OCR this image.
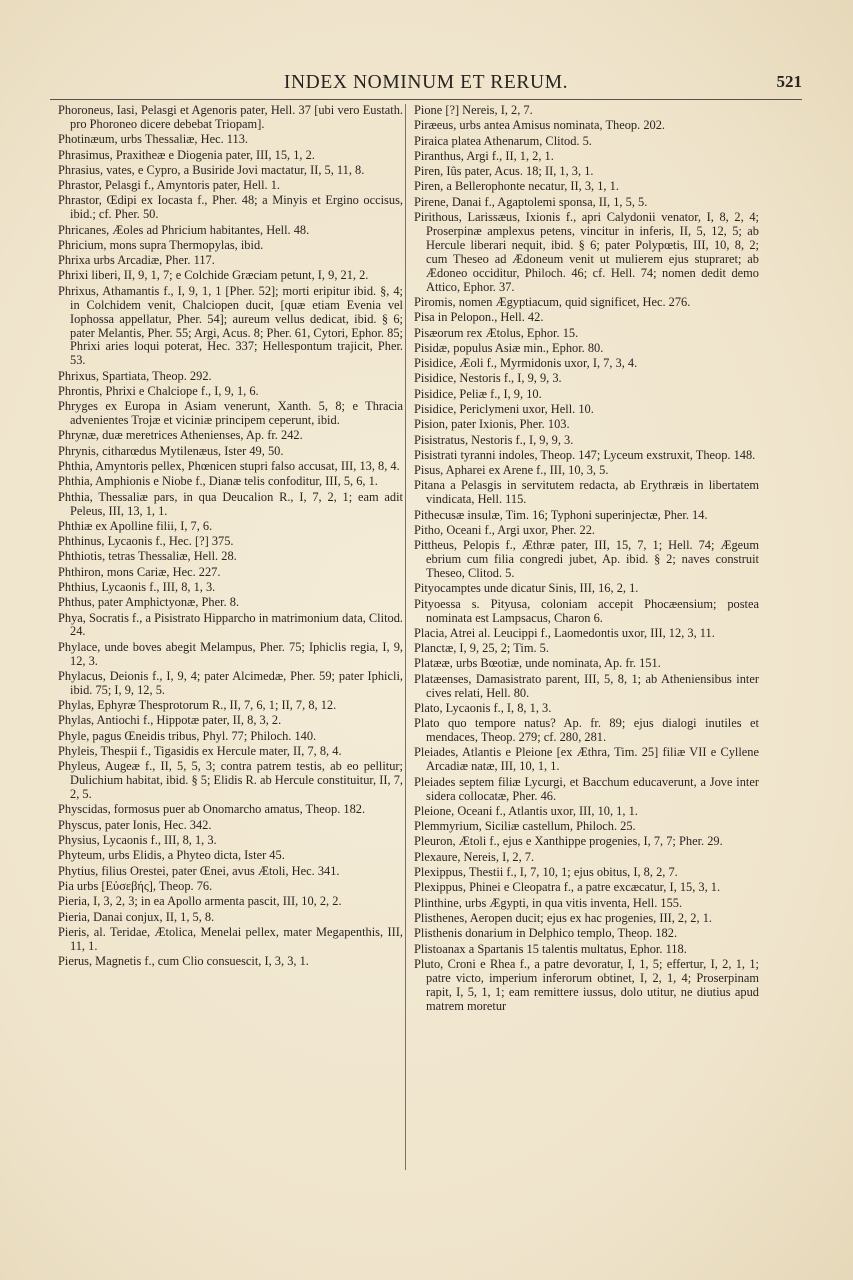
INDEX NOMINUM ET RERUM.	521

Phoroneus, Iasi, Pelasgi et Agenoris pater, Hell. 37 [ubi vero Eustath. pro Phoroneo dicere debebat Triopam].

Photinæum, urbs Thessaliæ, Hec. 113.

Phrasimus, Praxitheæ e Diogenia pater, III, 15, 1, 2.

Phrasius, vates, e Cypro, a Busiride Jovi mactatur, II, 5, 11, 8.

Phrastor, Pelasgi f., Amyntoris pater, Hell. 1.

Phrastor, Œdipi ex Iocasta f., Pher. 48; a Minyis et Ergino occisus, ibid.; cf. Pher. 50.

Phricanes, Æoles ad Phricium habitantes, Hell. 48.

Phricium, mons supra Thermopylas, ibid.

Phrixa urbs Arcadiæ, Pher. 117.

Phrixi liberi, II, 9, 1, 7; e Colchide Græciam petunt, I, 9, 21, 2.

Phrixus, Athamantis f., I, 9, 1, 1 [Pher. 52]; morti eripitur ibid. §, 4; in Colchidem venit, Chalciopen ducit, [quæ etiam Evenia vel Iophossa appellatur, Pher. 54]; aureum vellus dedicat, ibid. § 6; pater Melantis, Pher. 55; Argi, Acus. 8; Pher. 61, Cytori, Ephor. 85; Phrixi aries loqui poterat, Hec. 337; Hellespontum trajicit, Pher. 53.

Phrixus, Spartiata, Theop. 292.

Phrontis, Phrixi e Chalciope f., I, 9, 1, 6.

Phryges ex Europa in Asiam venerunt, Xanth. 5, 8; e Thracia advenientes Trojæ et viciniæ principem ceperunt, ibid.

Phrynæ, duæ meretrices Athenienses, Ap. fr. 242.

Phrynis, citharœdus Mytilenæus, Ister 49, 50.

Phthia, Amyntoris pellex, Phœnicen stupri falso accusat, III, 13, 8, 4.

Phthia, Amphionis e Niobe f., Dianæ telis confoditur, III, 5, 6, 1.

Phthia, Thessaliæ pars, in qua Deucalion R., I, 7, 2, 1; eam adit Peleus, III, 13, 1, 1.

Phthiæ ex Apolline filii, I, 7, 6.

Phthinus, Lycaonis f., Hec. [?] 375.

Phthiotis, tetras Thessaliæ, Hell. 28.

Phthiron, mons Cariæ, Hec. 227.

Phthius, Lycaonis f., III, 8, 1, 3.

Phthus, pater Amphictyonæ, Pher. 8.

Phya, Socratis f., a Pisistrato Hipparcho in matrimonium data, Clitod. 24.

Phylace, unde boves abegit Melampus, Pher. 75; Iphiclis regia, I, 9, 12, 3.

Phylacus, Deionis f., I, 9, 4; pater Alcimedæ, Pher. 59; pater Iphicli, ibid. 75; I, 9, 12, 5.

Phylas, Ephyræ Thesprotorum R., II, 7, 6, 1; II, 7, 8, 12.

Phylas, Antiochi f., Hippotæ pater, II, 8, 3, 2.

Phyle, pagus Œneidis tribus, Phyl. 77; Philoch. 140.

Phyleis, Thespii f., Tigasidis ex Hercule mater, II, 7, 8, 4.

Phyleus, Augeæ f., II, 5, 5, 3; contra patrem testis, ab eo pellitur; Dulichium habitat, ibid. § 5; Elidis R. ab Hercule constituitur, II, 7, 2, 5.

Physcidas, formosus puer ab Onomarcho amatus, Theop. 182.

Physcus, pater Ionis, Hec. 342.

Physius, Lycaonis f., III, 8, 1, 3.

Phyteum, urbs Elidis, a Phyteo dicta, Ister 45.

Phytius, filius Orestei, pater Œnei, avus Ætoli, Hec. 341.

Pia urbs [Εὐσεβής], Theop. 76.

Pieria, I, 3, 2, 3; in ea Apollo armenta pascit, III, 10, 2, 2.

Pieria, Danai conjux, II, 1, 5, 8.

Pieris, al. Teridae, Ætolica, Menelai pellex, mater Megapenthis, III, 11, 1.

Pierus, Magnetis f., cum Clio consuescit, I, 3, 3, 1.

Pione [?] Nereis, I, 2, 7.

Piræeus, urbs antea Amisus nominata, Theop. 202.

Piraica platea Athenarum, Clitod. 5.

Piranthus, Argi f., II, 1, 2, 1.

Piren, Iûs pater, Acus. 18; II, 1, 3, 1.

Piren, a Bellerophonte necatur, II, 3, 1, 1.

Pirene, Danai f., Agaptolemi sponsa, II, 1, 5, 5.

Pirithous, Larissæus, Ixionis f., apri Calydonii venator, I, 8, 2, 4; Proserpinæ amplexus petens, vincitur in inferis, II, 5, 12, 5; ab Hercule liberari nequit, ibid. § 6; pater Polypœtis, III, 10, 8, 2; cum Theseo ad Ædoneum venit ut mulierem ejus stupraret; ab Ædoneo occiditur, Philoch. 46; cf. Hell. 74; nomen dedit demo Attico, Ephor. 37.

Piromis, nomen Ægyptiacum, quid significet, Hec. 276.

Pisa in Pelopon., Hell. 42.

Pisæorum rex Ætolus, Ephor. 15.

Pisidæ, populus Asiæ min., Ephor. 80.

Pisidice, Æoli f., Myrmidonis uxor, I, 7, 3, 4.

Pisidice, Nestoris f., I, 9, 9, 3.

Pisidice, Peliæ f., I, 9, 10.

Pisidice, Periclymeni uxor, Hell. 10.

Pision, pater Ixionis, Pher. 103.

Pisistratus, Nestoris f., I, 9, 9, 3.

Pisistrati tyranni indoles, Theop. 147; Lyceum exstruxit, Theop. 148.

Pisus, Apharei ex Arene f., III, 10, 3, 5.

Pitana a Pelasgis in servitutem redacta, ab Erythræis in libertatem vindicata, Hell. 115.

Pithecusæ insulæ, Tim. 16; Typhoni superinjectæ, Pher. 14.

Pitho, Oceani f., Argi uxor, Pher. 22.

Pittheus, Pelopis f., Æthræ pater, III, 15, 7, 1; Hell. 74; Ægeum ebrium cum filia congredi jubet, Ap. ibid. § 2; naves construit Theseo, Clitod. 5.

Pityocamptes unde dicatur Sinis, III, 16, 2, 1.

Pityoessa s. Pityusa, coloniam accepit Phocæensium; postea nominata est Lampsacus, Charon 6.

Placia, Atrei al. Leucippi f., Laomedontis uxor, III, 12, 3, 11.

Planctæ, I, 9, 25, 2; Tim. 5.

Platææ, urbs Bœotiæ, unde nominata, Ap. fr. 151.

Platæenses, Damasistrato parent, III, 5, 8, 1; ab Atheniensibus inter cives relati, Hell. 80.

Plato, Lycaonis f., I, 8, 1, 3.

Plato quo tempore natus? Ap. fr. 89; ejus dialogi inutiles et mendaces, Theop. 279; cf. 280, 281.

Pleiades, Atlantis e Pleione [ex Æthra, Tim. 25] filiæ VII e Cyllene Arcadiæ natæ, III, 10, 1, 1.

Pleiades septem filiæ Lycurgi, et Bacchum educaverunt, a Jove inter sidera collocatæ, Pher. 46.

Pleione, Oceani f., Atlantis uxor, III, 10, 1, 1.

Plemmyrium, Siciliæ castellum, Philoch. 25.

Pleuron, Ætoli f., ejus e Xanthippe progenies, I, 7, 7; Pher. 29.

Plexaure, Nereis, I, 2, 7.

Plexippus, Thestii f., I, 7, 10, 1; ejus obitus, I, 8, 2, 7.

Plexippus, Phinei e Cleopatra f., a patre excæcatur, I, 15, 3, 1.

Plinthine, urbs Ægypti, in qua vitis inventa, Hell. 155.

Plisthenes, Aeropen ducit; ejus ex hac progenies, III, 2, 2, 1.

Plisthenis donarium in Delphico templo, Theop. 182.

Plistoanax a Spartanis 15 talentis multatus, Ephor. 118.

Pluto, Croni e Rhea f., a patre devoratur, I, 1, 5; effertur, I, 2, 1, 1; patre victo, imperium inferorum obtinet, I, 2, 1, 4; Proserpinam rapit, I, 5, 1, 1; eam remittere iussus, dolo utitur, ne diutius apud matrem moretur
